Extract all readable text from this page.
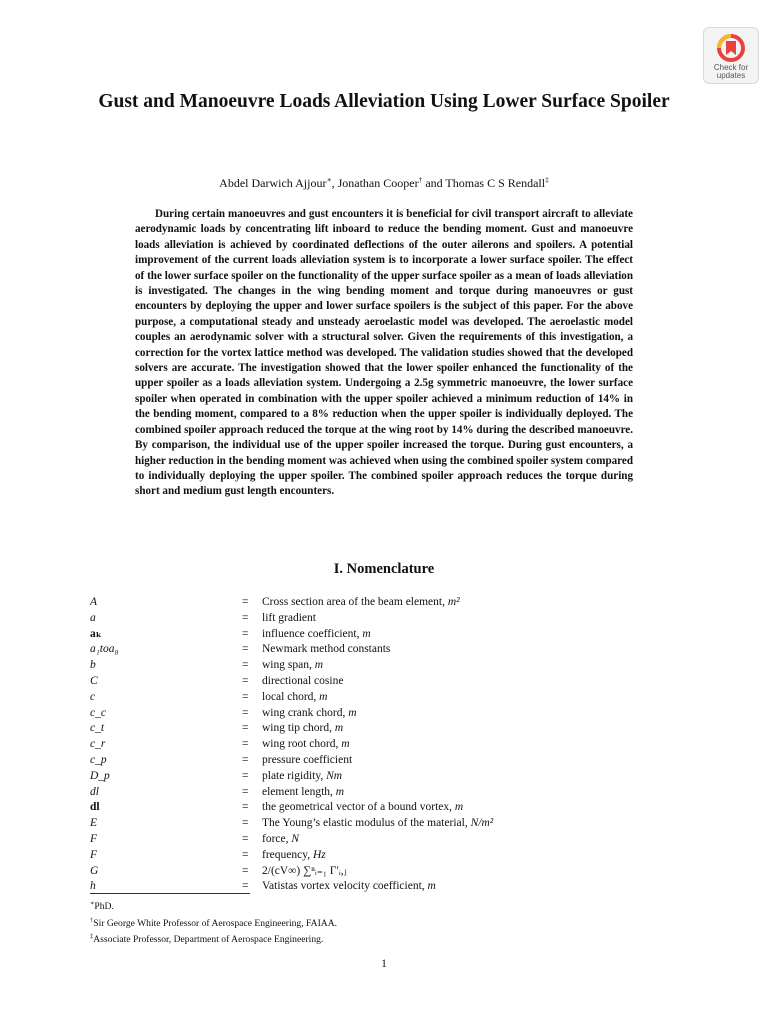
Check for
updates
Gust and Manoeuvre Loads Alleviation Using Lower Surface Spoiler
Abdel Darwich Ajjour∗, Jonathan Cooper† and Thomas C S Rendall‡

During certain manoeuvres and gust encounters it is beneficial for civil transport aircraft to alleviate aerodynamic loads by concentrating lift inboard to reduce the bending moment. Gust and manoeuvre loads alleviation is achieved by coordinated deflections of the outer ailerons and spoilers. A potential improvement of the current loads alleviation system is to incorporate a lower surface spoiler. The effect of the lower surface spoiler on the functionality of the upper surface spoiler as a mean of loads alleviation is investigated. The changes in the wing bending moment and torque during manoeuvres or gust encounters by deploying the upper and lower surface spoilers is the subject of this paper. For the above purpose, a computational steady and unsteady aeroelastic model was developed. The aeroelastic model couples an aerodynamic solver with a structural solver. Given the requirements of this investigation, a correction for the vortex lattice method was developed. The validation studies showed that the developed solvers are accurate. The investigation showed that the lower spoiler enhanced the functionality of the upper spoiler as a loads alleviation system. Undergoing a 2.5g symmetric manoeuvre, the lower surface spoiler when operated in combination with the upper spoiler achieved a minimum reduction of 14% in the bending moment, compared to a 8% reduction when the upper spoiler is individually deployed. The combined spoiler approach reduced the torque at the wing root by 14% during the described manoeuvre. By comparison, the individual use of the upper spoiler increased the torque. During gust encounters, a higher reduction in the bending moment was achieved when using the combined spoiler system compared to individually deploying the upper spoiler. The combined spoiler approach reduces the torque during short and medium gust length encounters.

I. Nomenclature
A	= Cross section area of the beam element, m²
a	= lift gradient
aₖ	= influence coefficient, m
a₁toa₈	= Newmark method constants
b	= wing span, m
C	= directional cosine
c	= local chord, m
c_c	= wing crank chord, m
c_t	= wing tip chord, m
c_r	= wing root chord, m
c_p	= pressure coefficient
D_p	= plate rigidity, Nm
dl	= element length, m
dl	= the geometrical vector of a bound vortex, m
E	= The Young’s elastic modulus of the material, N/m²
F	= force, N
F	= frequency, Hz
G	= 2/(cV∞) ∑ⁿᵢ₌₁ Γ′ᵢ,ⱼ
h	= Vatistas vortex velocity coefficient, m
∗PhD.
†Sir George White Professor of Aerospace Engineering, FAIAA.
‡Associate Professor, Department of Aerospace Engineering.
1
